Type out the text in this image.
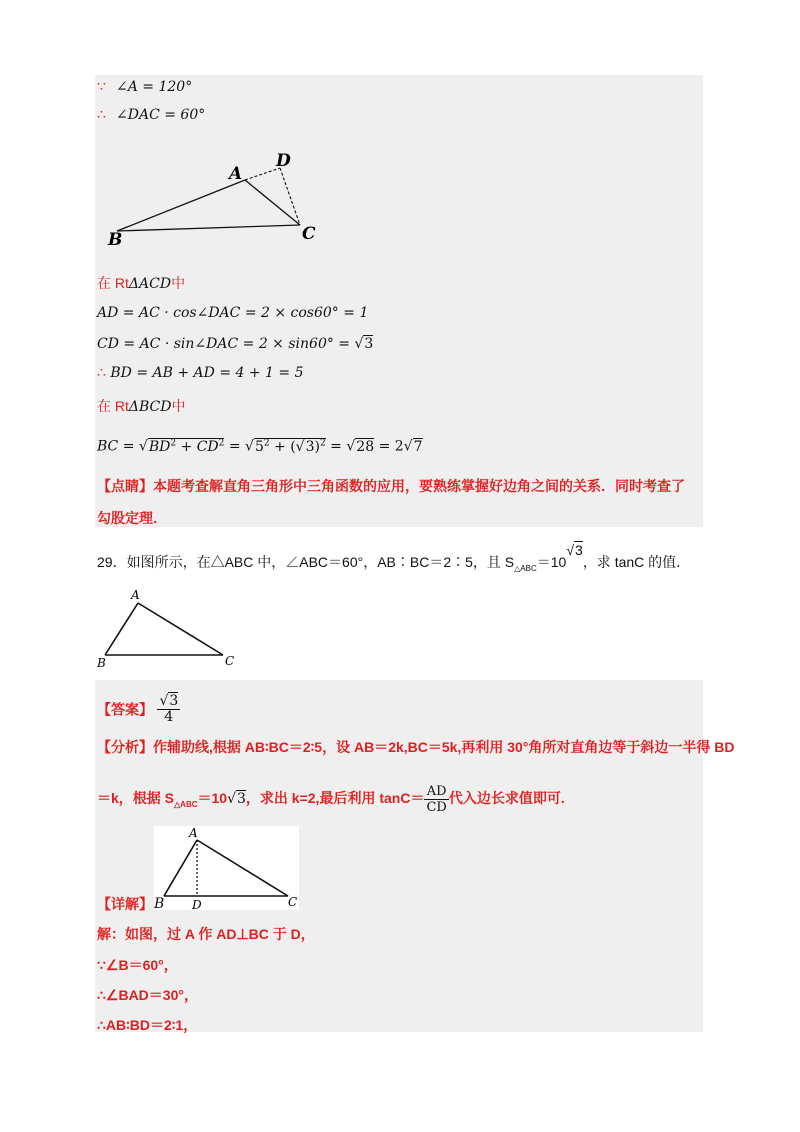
∵ ∠A = 120°
∴ ∠DAC = 60°
A
D
B	C
在 RtΔACD中
AD = AC · cos∠DAC = 2 × cos60° = 1
CD = AC · sin∠DAC = 2 × sin60° = √3
∴ BD = AB + AD = 4 + 1 = 5
在 RtΔBCD中
BC = $√BD^2 + CD^2 = √5^2 + (√3)^2 = √28 = 2√7$
【点睛】本题考查解直角三角形中三角函数的应用，要熟练掌握好边角之间的关系．同时考查了
勾股定理．
29．如图所示，在△ABC 中，∠ABC＝60°，AB∶BC＝2∶5，且 $S_{\triangle ABC}=10√3$，求 tanC 的值．
A
B	C
【答案】 $\frac{√3}{4}$
【分析】作辅助线,根据 AB∶BC＝2∶5，设 AB＝2k,BC＝5k,再利用 30°角所对直角边等于斜边一半得 BD
＝k，根据 $S_{\triangle ABC}=10√3$，求出 k=2,最后利用 $\tan C= \frac{AD}{CD}$ 代入边长求值即可.
A
D	C
【详解】 B
解：如图，过 A 作 AD⊥BC 于 D，
∵∠B＝60°，
∴∠BAD＝30°，
∴AB∶BD＝2∶1，
